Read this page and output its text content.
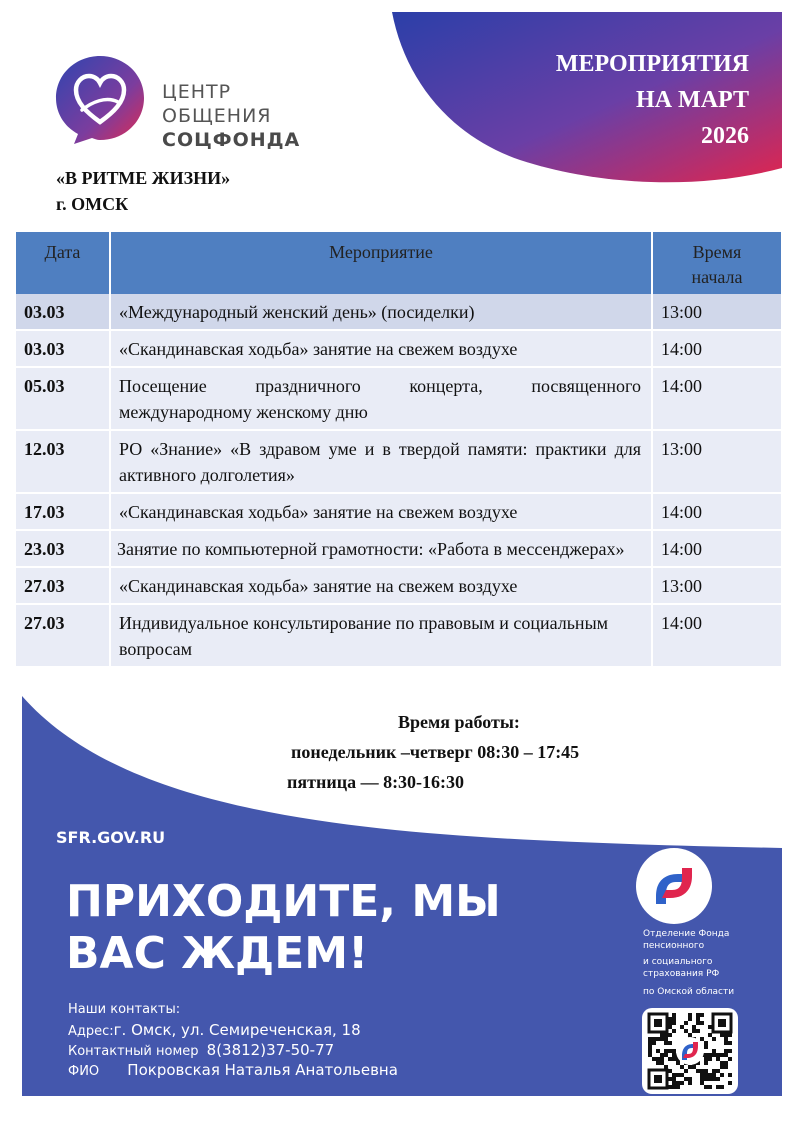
МЕРОПРИЯТИЯ
НА МАРТ
2026
ЦЕНТР
ОБЩЕНИЯ
СОЦФОНДА
«В РИТМЕ ЖИЗНИ»
г. ОМСК
Дата	Мероприятие	Время
начала

03.03	«Международный женский день» (посиделки)	13:00
03.03	«Скандинавская ходьба» занятие на свежем воздухе	14:00
05.03	Посещение праздничного концерта, посвященного международному женскому дню	14:00
12.03	РО «Знание» «В здравом уме и в твердой памяти: практики для активного долголетия»	13:00
17.03	«Скандинавская ходьба» занятие на свежем воздухе	14:00
23.03	Занятие по компьютерной грамотности: «Работа в мессенджерах»	14:00
27.03	«Скандинавская ходьба» занятие на свежем воздухе	13:00
27.03	Индивидуальное консультирование по правовым и социальным вопросам	14:00
Время работы:
понедельник –четверг 08:30 – 17:45
пятница — 8:30-16:30
SFR.GOV.RU
ПРИХОДИТЕ, МЫ
ВАС ЖДЕМ!
Наши контакты:
Адрес:г. Омск, ул. Семиреченская, 18
Контактный номер 8(3812)37-50-77
ФИО Покровская Наталья Анатольевна
Отделение Фонда
пенсионного
и социального
страхования РФ
по Омской области
